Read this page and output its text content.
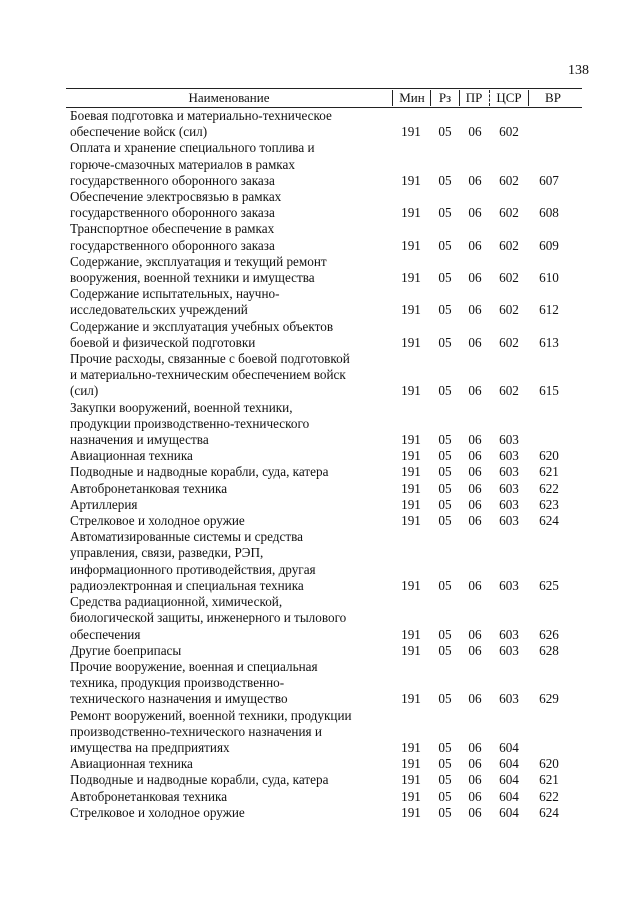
138
Наименование	Мин	Рз	ПР	ЦСР	ВР
Боевая подготовка и материально-техническое
обеспечение войск (сил)	191	05	06	602
Оплата и хранение специального топлива и
горюче-смазочных материалов в рамках
государственного оборонного заказа	191	05	06	602	607
Обеспечение электросвязью в рамках
государственного оборонного заказа	191	05	06	602	608
Транспортное обеспечение в рамках
государственного оборонного заказа	191	05	06	602	609
Содержание, эксплуатация и текущий ремонт
вооружения, военной техники и имущества	191	05	06	602	610
Содержание испытательных, научно-
исследовательских учреждений	191	05	06	602	612
Содержание и эксплуатация учебных объектов
боевой и физической подготовки	191	05	06	602	613
Прочие расходы, связанные с боевой подготовкой
и материально-техническим обеспечением войск
(сил)	191	05	06	602	615
Закупки вооружений, военной техники,
продукции производственно-технического
назначения и имущества	191	05	06	603
Авиационная техника	191	05	06	603	620
Подводные и надводные корабли, суда, катера	191	05	06	603	621
Автобронетанковая техника	191	05	06	603	622
Артиллерия	191	05	06	603	623
Стрелковое и холодное оружие	191	05	06	603	624
Автоматизированные системы и средства
управления, связи, разведки, РЭП,
информационного противодействия, другая
радиоэлектронная и специальная техника	191	05	06	603	625
Средства радиационной, химической,
биологической защиты, инженерного и тылового
обеспечения	191	05	06	603	626
Другие боеприпасы	191	05	06	603	628
Прочие вооружение, военная и специальная
техника, продукция производственно-
технического назначения и имущество	191	05	06	603	629
Ремонт вооружений, военной техники, продукции
производственно-технического назначения и
имущества на предприятиях	191	05	06	604
Авиационная техника	191	05	06	604	620
Подводные и надводные корабли, суда, катера	191	05	06	604	621
Автобронетанковая техника	191	05	06	604	622
Стрелковое и холодное оружие	191	05	06	604	624
